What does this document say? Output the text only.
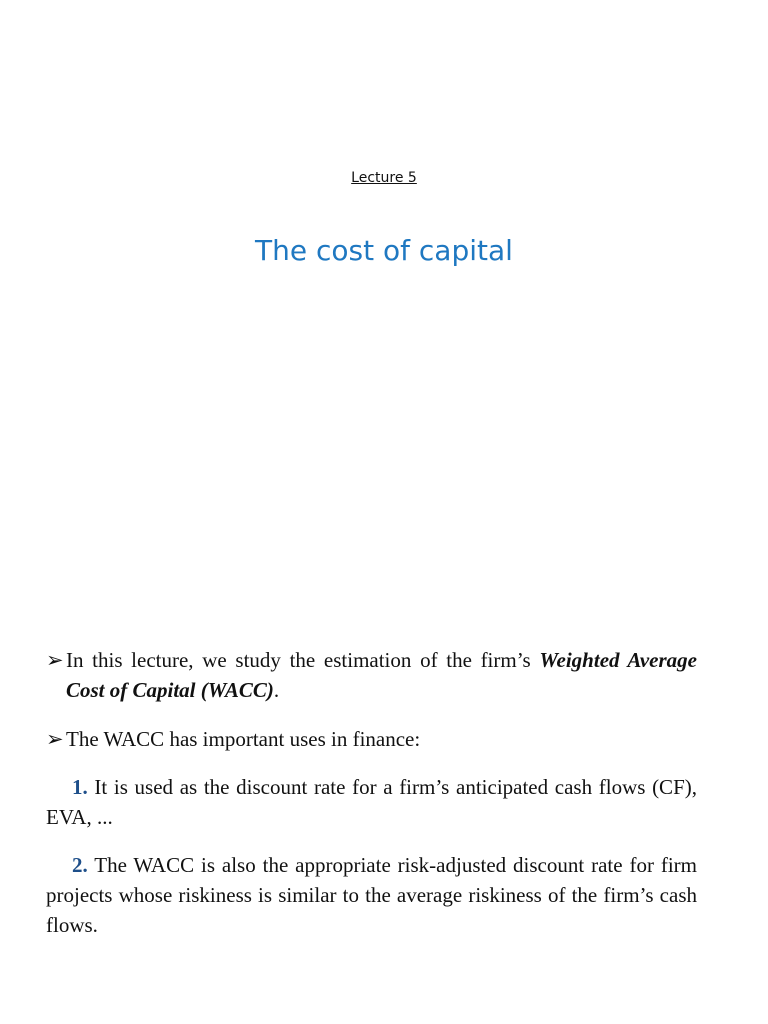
Lecture 5
The cost of capital
➢ In this lecture, we study the estimation of the firm’s Weighted Average Cost of Capital (WACC).
➢ The WACC has important uses in finance:
1. It is used as the discount rate for a firm’s anticipated cash flows (CF), EVA, ...
2. The WACC is also the appropriate risk-adjusted discount rate for firm projects whose riskiness is similar to the average riskiness of the firm’s cash flows.
